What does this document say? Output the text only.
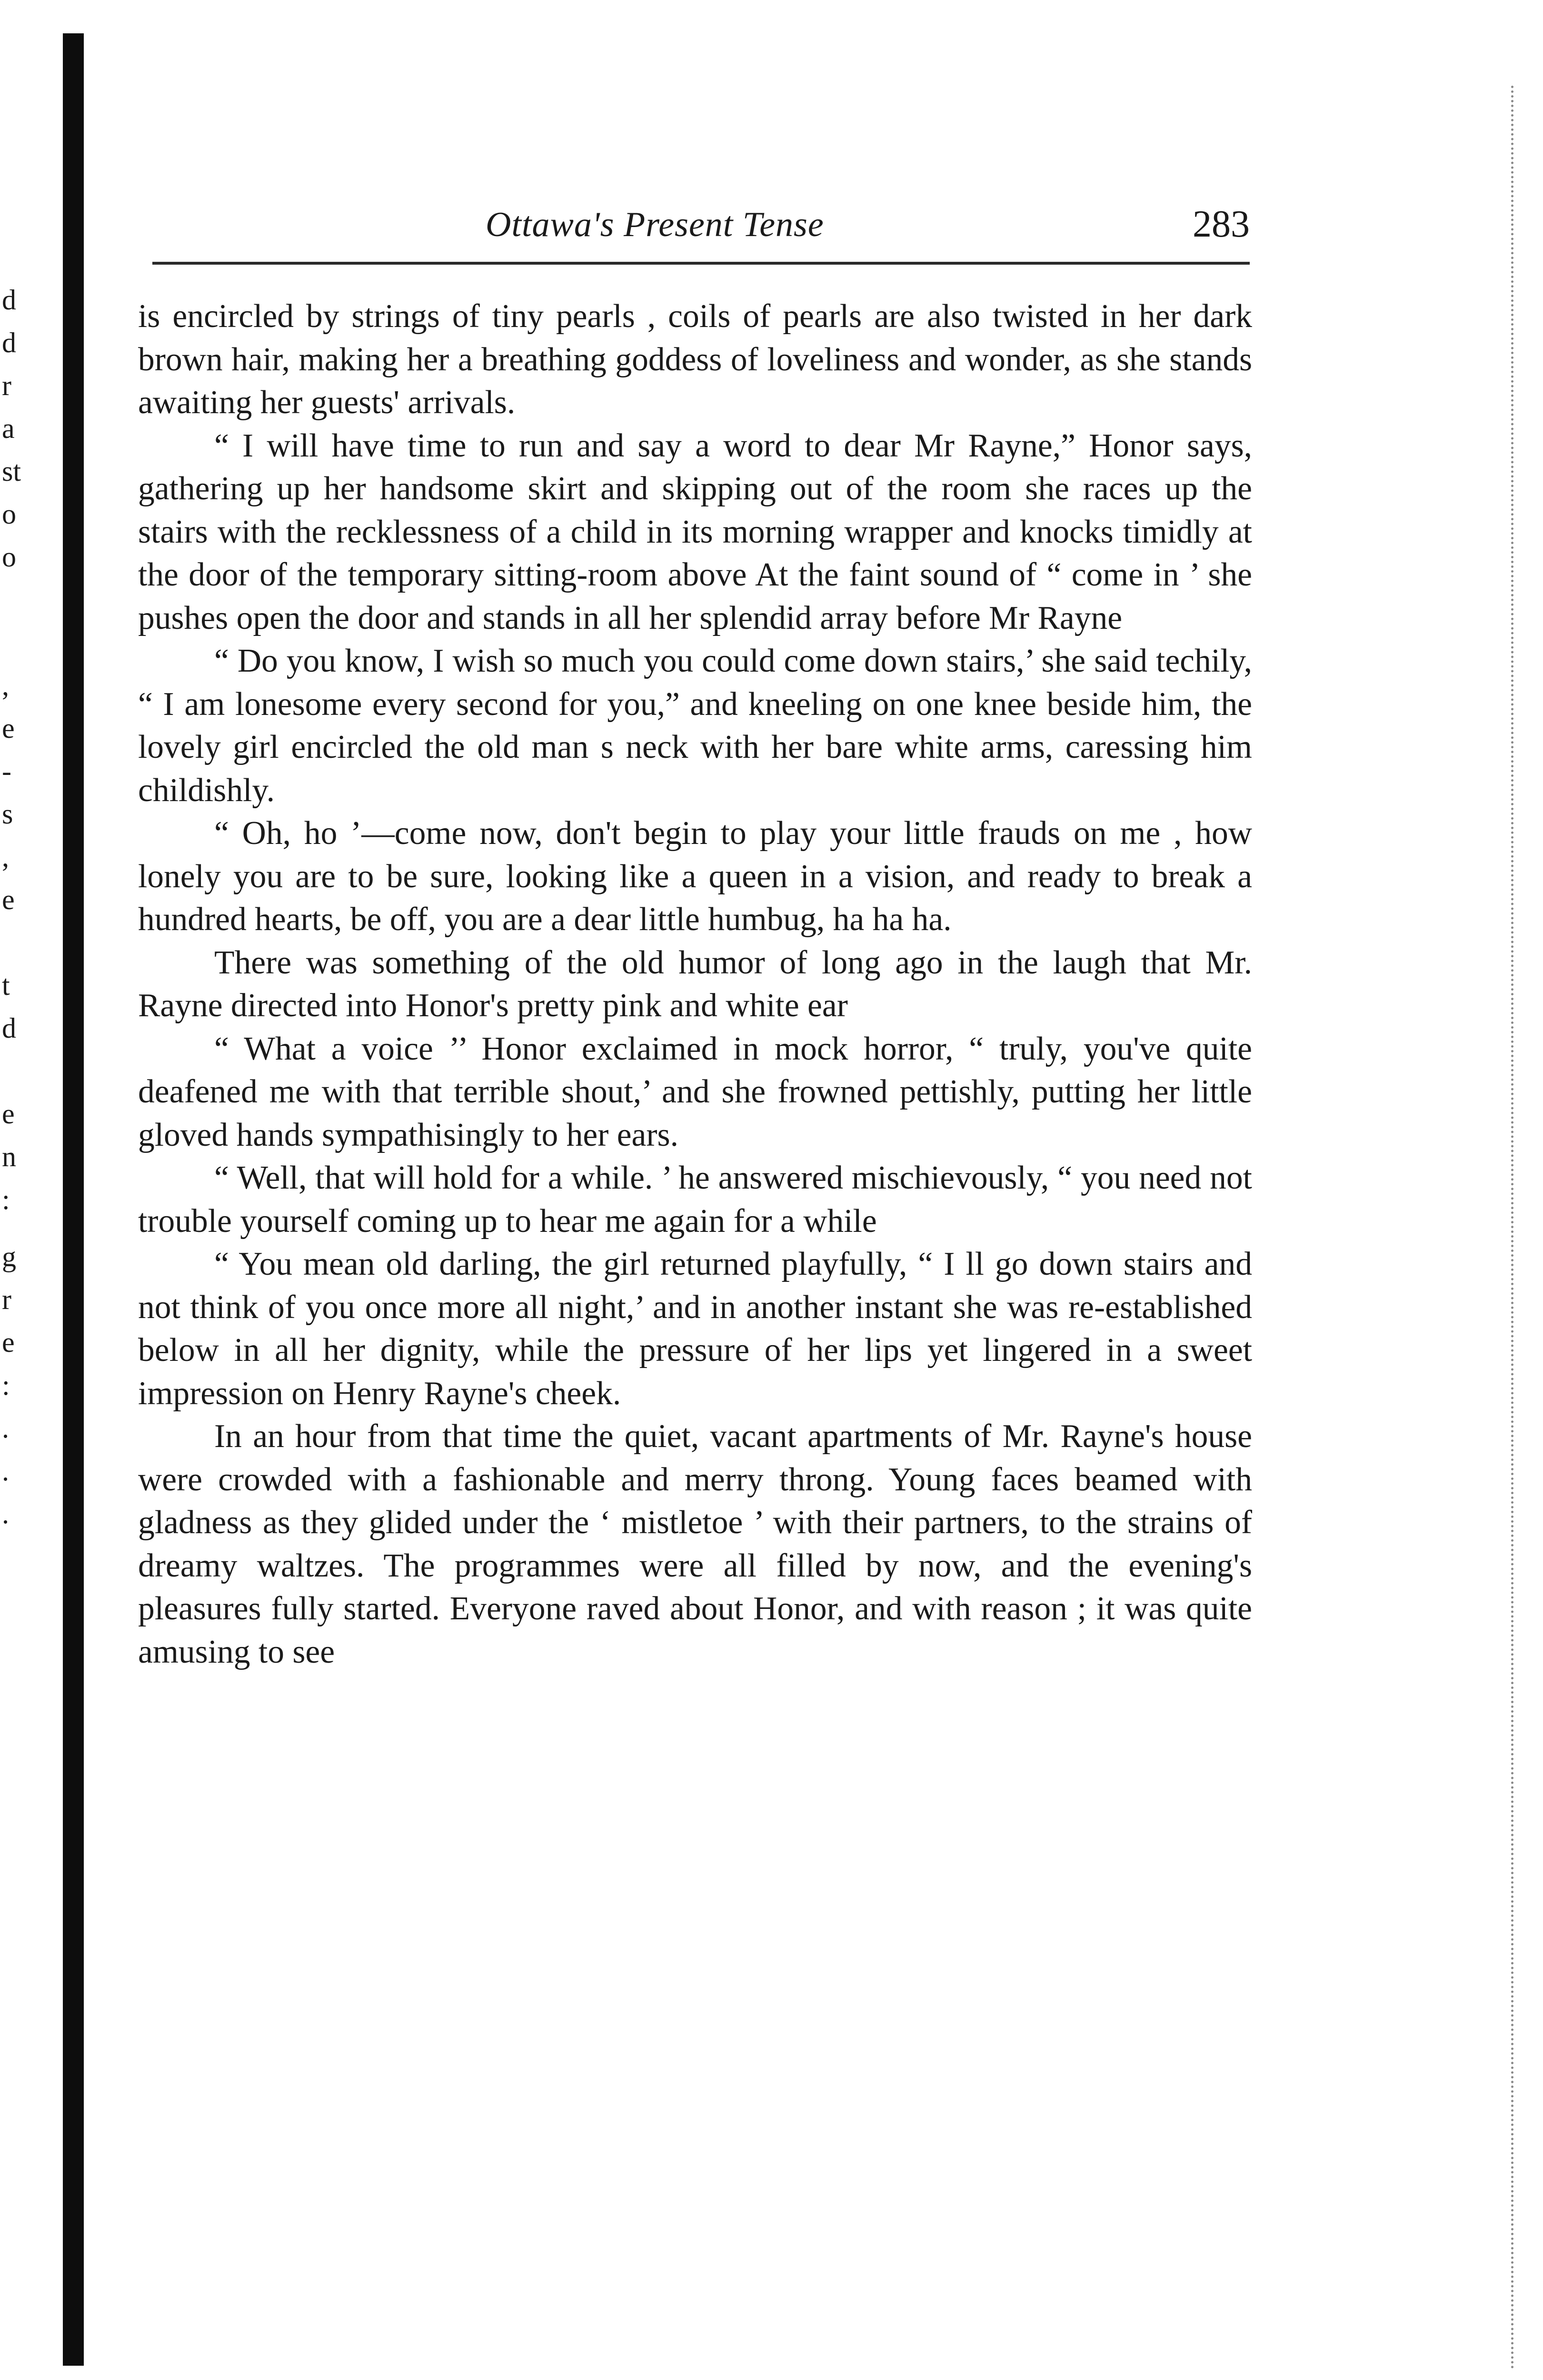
d
d
r
a
st
o
o
,
e
-
s
,
e
t
d
e
n
:
g
r
e
:
.
.
.
Ottawa's Present Tense	283

is encircled by strings of tiny pearls , coils of pearls are also twisted in her dark brown hair, making her a breathing goddess of loveliness and wonder, as she stands awaiting her guests' arrivals.

“ I will have time to run and say a word to dear Mr Rayne,” Honor says, gathering up her handsome skirt and skipping out of the room she races up the stairs with the recklessness of a child in its morning wrapper and knocks timidly at the door of the temporary sitting-room above At the faint sound of “ come in ’ she pushes open the door and stands in all her splendid array before Mr Rayne

“ Do you know, I wish so much you could come down stairs,’ she said techily, “ I am lonesome every second for you,” and kneeling on one knee beside him, the lovely girl encircled the old man s neck with her bare white arms, caressing him childishly.

“ Oh, ho ’—come now, don't begin to play your little frauds on me , how lonely you are to be sure, looking like a queen in a vision, and ready to break a hundred hearts, be off, you are a dear little humbug, ha ha ha.

There was something of the old humor of long ago in the laugh that Mr. Rayne directed into Honor's pretty pink and white ear

“ What a voice ’’ Honor exclaimed in mock horror, “ truly, you've quite deafened me with that terrible shout,’ and she frowned pettishly, putting her little gloved hands sympathisingly to her ears.

“ Well, that will hold for a while. ’ he answered mischievously, “ you need not trouble yourself coming up to hear me again for a while

“ You mean old darling, the girl returned playfully, “ I ll go down stairs and not think of you once more all night,’ and in another instant she was re-established below in all her dignity, while the pressure of her lips yet lingered in a sweet impression on Henry Rayne's cheek.

In an hour from that time the quiet, vacant apartments of Mr. Rayne's house were crowded with a fashionable and merry throng. Young faces beamed with gladness as they glided under the ‘ mistletoe ’ with their partners, to the strains of dreamy waltzes. The programmes were all filled by now, and the evening's pleasures fully started. Everyone raved about Honor, and with reason ; it was quite amusing to see
